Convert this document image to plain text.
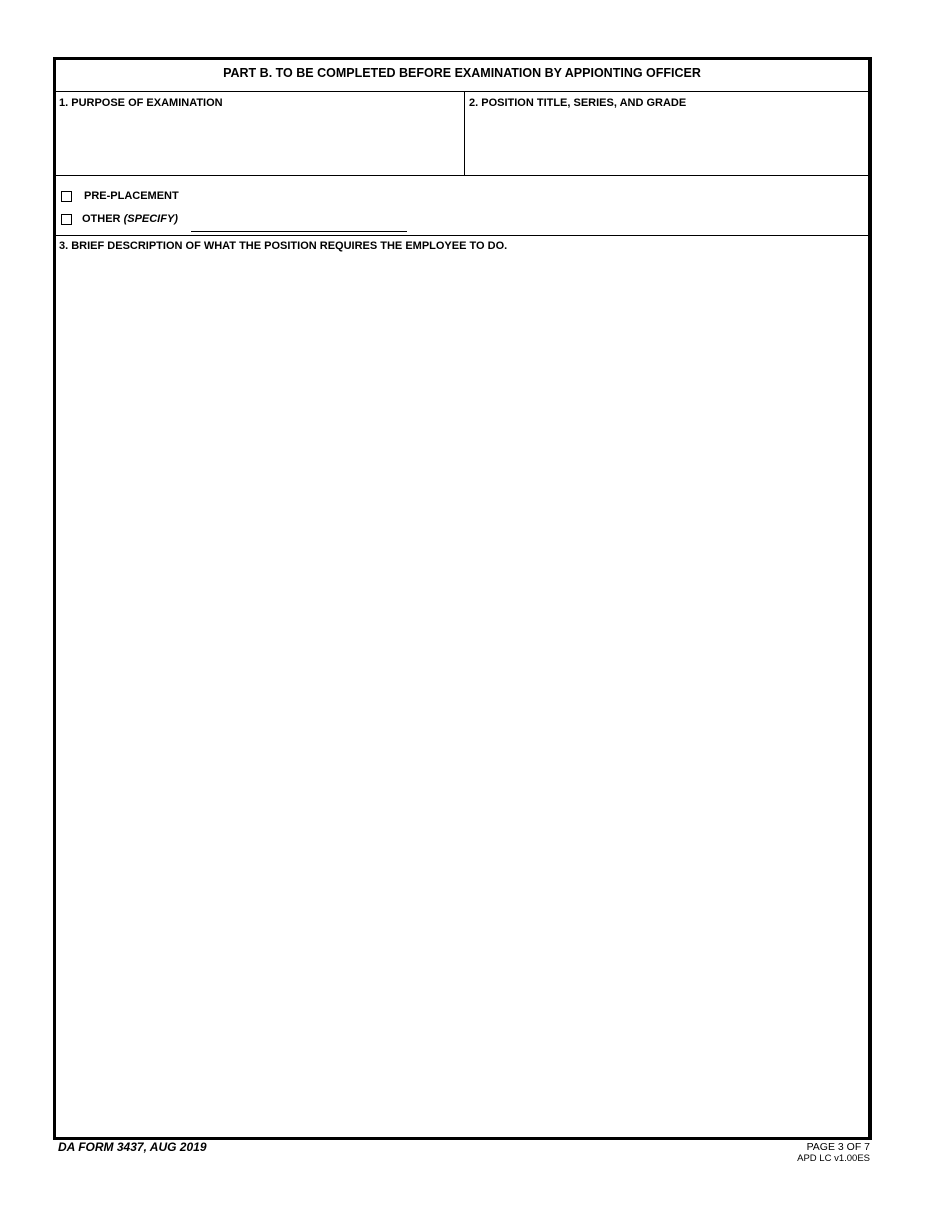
PART B. TO BE COMPLETED BEFORE EXAMINATION BY APPIONTING OFFICER
1. PURPOSE OF EXAMINATION	2. POSITION TITLE, SERIES, AND GRADE
PRE-PLACEMENT
OTHER (SPECIFY)
3. BRIEF DESCRIPTION OF WHAT THE POSITION REQUIRES THE EMPLOYEE TO DO.
DA FORM 3437, AUG 2019	PAGE 3 OF 7
APD LC v1.00ES
